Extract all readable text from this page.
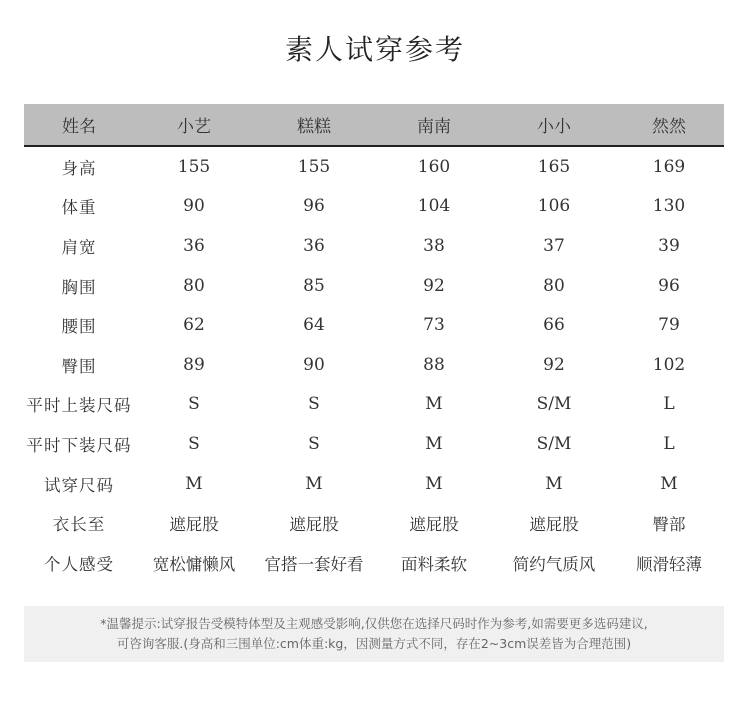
素人试穿参考
姓名	小艺	糕糕	南南	小小	然然
身高	155	155	160	165	169
体重	90	96	104	106	130
肩宽	36	36	38	37	39
胸围	80	85	92	80	96
腰围	62	64	73	66	79
臀围	89	90	88	92	102
平时上装尺码	S	S	M	S/M	L
平时下装尺码	S	S	M	S/M	L
试穿尺码	M	M	M	M	M
衣长至	遮屁股	遮屁股	遮屁股	遮屁股	臀部
个人感受	宽松慵懒风	官搭一套好看	面料柔软	简约气质风	顺滑轻薄
*温馨提示:试穿报告受模特体型及主观感受影响,仅供您在选择尺码时作为参考,如需要更多选码建议,
可咨询客服.(身高和三围单位:cm体重:kg，因测量方式不同，存在2~3cm误差皆为合理范围)
